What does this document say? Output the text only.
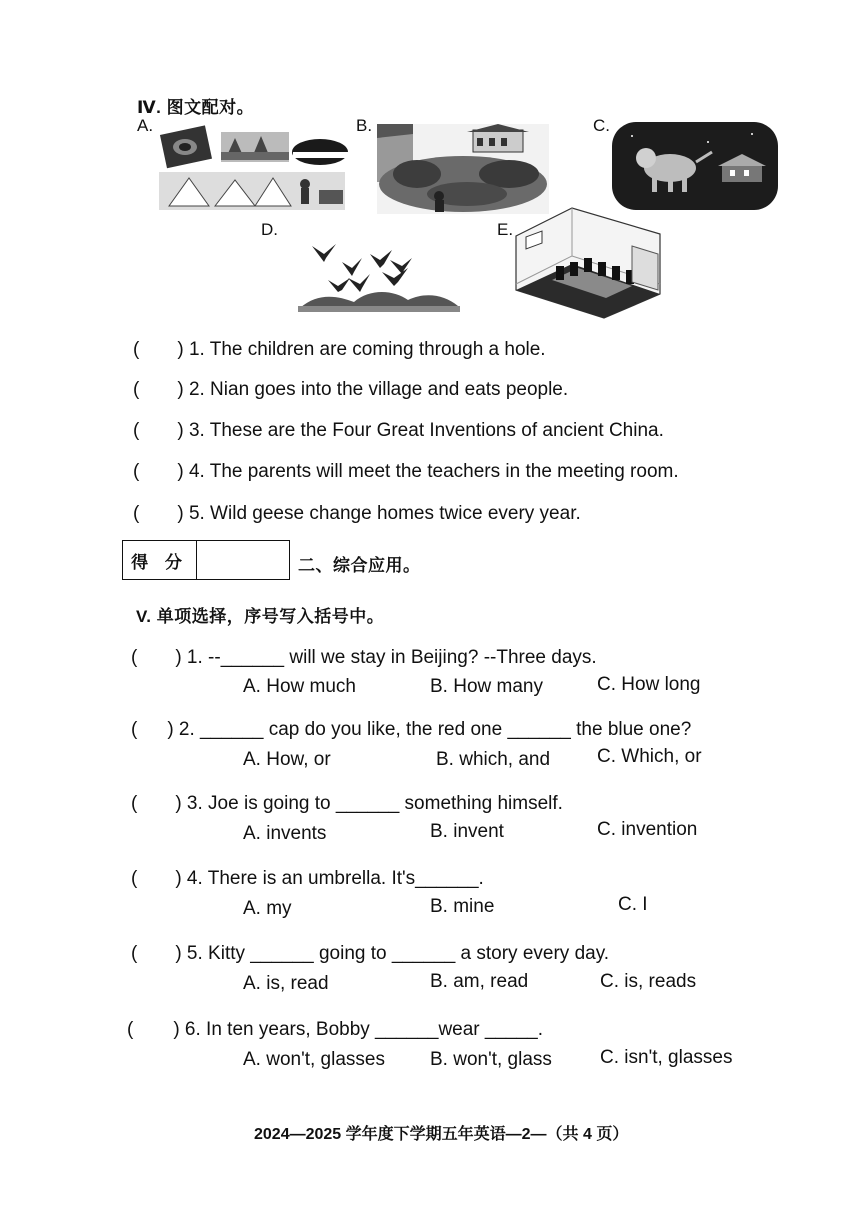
Ⅳ. 图文配对。
A.	B.	C.
D.	E.
( ) 1. The children are coming through a hole.
( ) 2. Nian goes into the village and eats people.
( ) 3. These are the Four Great Inventions of ancient China.
( ) 4. The parents will meet the teachers in the meeting room.
( ) 5. Wild geese change homes twice every year.
得 分	二、综合应用。
V. 单项选择，序号写入括号中。
( ) 1. --______ will we stay in Beijing? --Three days.
A. How much	B. How many	C. How long
( ) 2. ______ cap do you like, the red one ______ the blue one?
A. How, or	B. which, and C. Which, or
( ) 3. Joe is going to ______ something himself.
A. invents	B. invent	C. invention
( ) 4. There is an umbrella. It's______.
A. my	B. mine	C. I
( ) 5. Kitty ______ going to ______ a story every day.
A. is, read	B. am, read	C. is, reads
( ) 6. In ten years, Bobby ______wear _____.
A. won't, glasses B. won't, glass	C. isn't, glasses
2024—2025 学年度下学期五年英语—2—（共 4 页）
